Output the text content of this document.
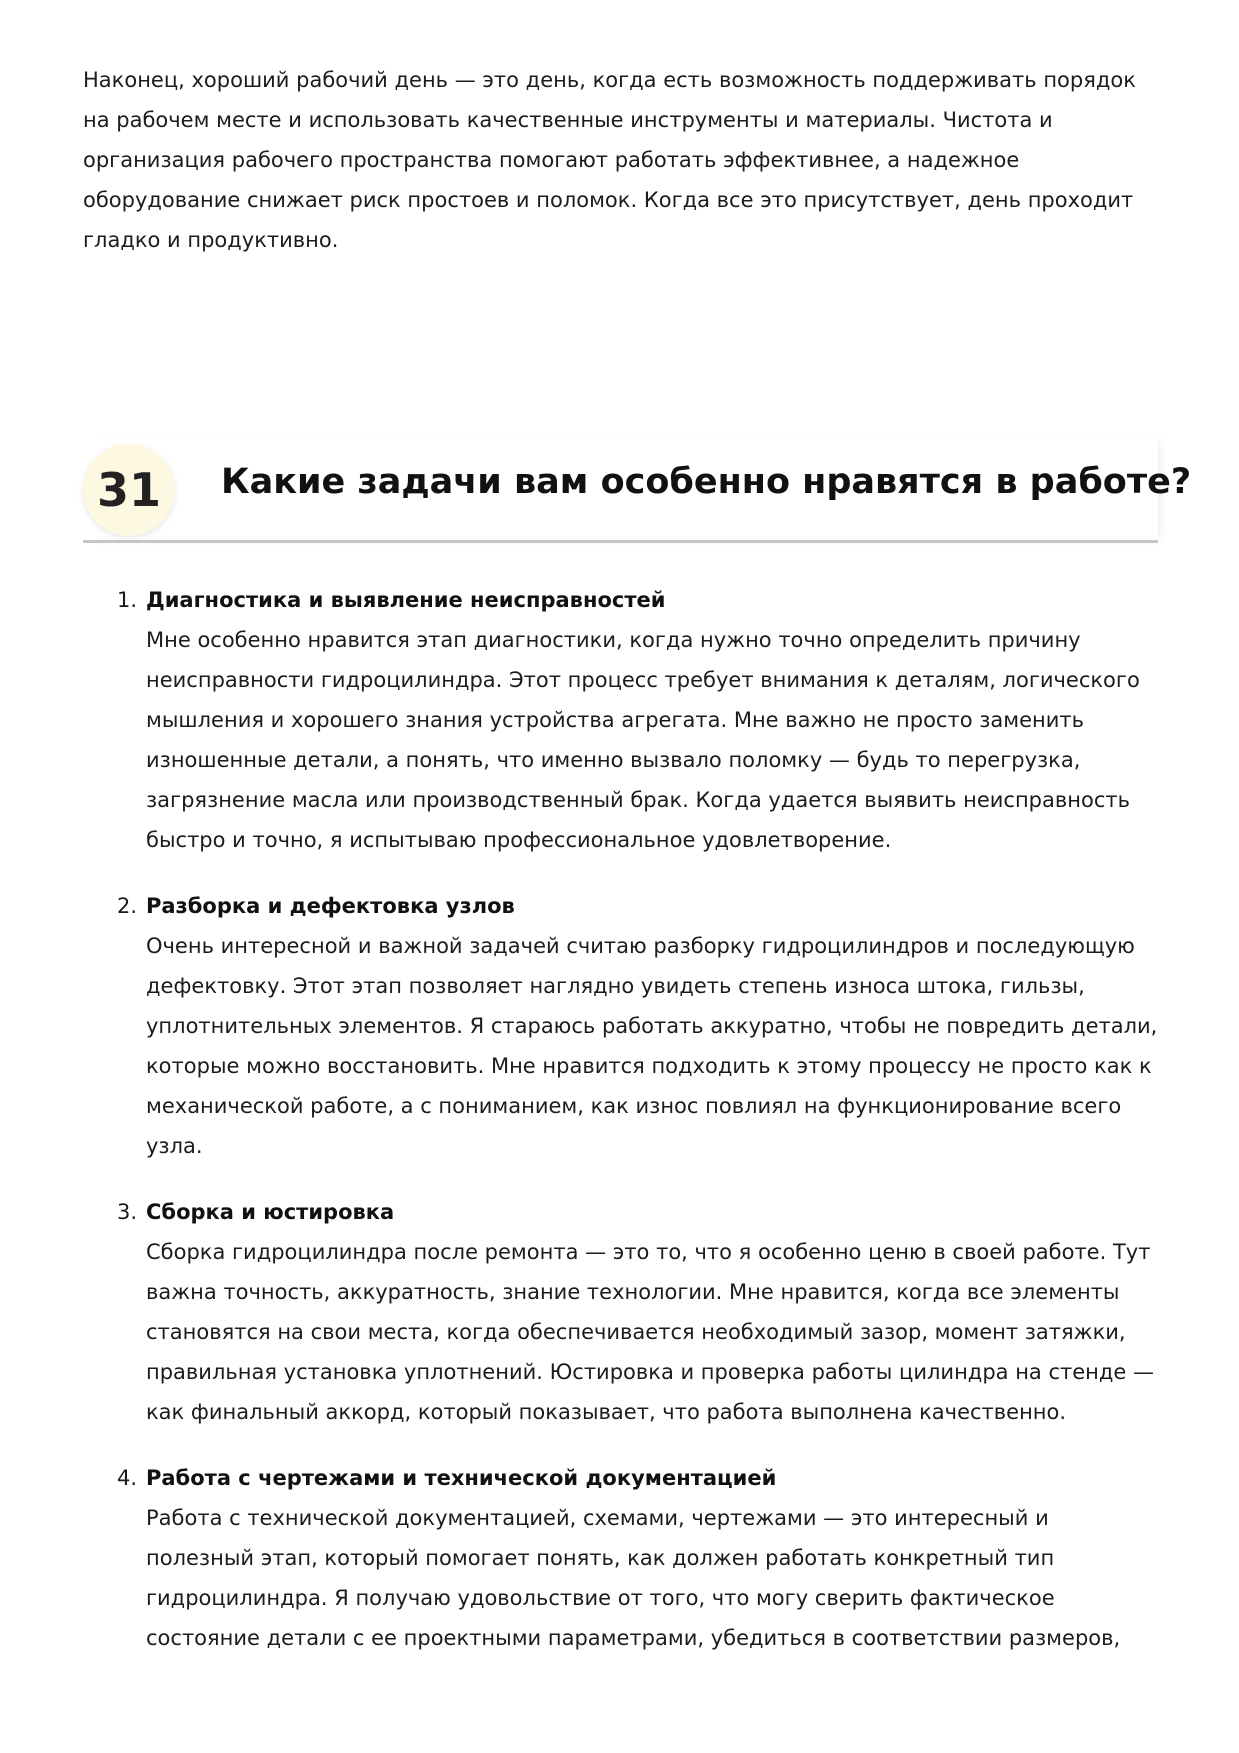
Наконец, хороший рабочий день — это день, когда есть возможность поддерживать порядок на рабочем месте и использовать качественные инструменты и материалы. Чистота и организация рабочего пространства помогают работать эффективнее, а надежное оборудование снижает риск простоев и поломок. Когда все это присутствует, день проходит гладко и продуктивно.

31	Какие задачи вам особенно нравятся в работе?
1. Диагностика и выявление неисправностей
Мне особенно нравится этап диагностики, когда нужно точно определить причину неисправности гидроцилиндра. Этот процесс требует внимания к деталям, логического мышления и хорошего знания устройства агрегата. Мне важно не просто заменить изношенные детали, а понять, что именно вызвало поломку — будь то перегрузка, загрязнение масла или производственный брак. Когда удается выявить неисправность быстро и точно, я испытываю профессиональное удовлетворение.
2. Разборка и дефектовка узлов
Очень интересной и важной задачей считаю разборку гидроцилиндров и последующую дефектовку. Этот этап позволяет наглядно увидеть степень износа штока, гильзы, уплотнительных элементов. Я стараюсь работать аккуратно, чтобы не повредить детали, которые можно восстановить. Мне нравится подходить к этому процессу не просто как к механической работе, а с пониманием, как износ повлиял на функционирование всего узла.
3. Сборка и юстировка
Сборка гидроцилиндра после ремонта — это то, что я особенно ценю в своей работе. Тут важна точность, аккуратность, знание технологии. Мне нравится, когда все элементы становятся на свои места, когда обеспечивается необходимый зазор, момент затяжки, правильная установка уплотнений. Юстировка и проверка работы цилиндра на стенде — как финальный аккорд, который показывает, что работа выполнена качественно.
4. Работа с чертежами и технической документацией
Работа с технической документацией, схемами, чертежами — это интересный и полезный этап, который помогает понять, как должен работать конкретный тип гидроцилиндра. Я получаю удовольствие от того, что могу сверить фактическое состояние детали с ее проектными параметрами, убедиться в соответствии размеров,
